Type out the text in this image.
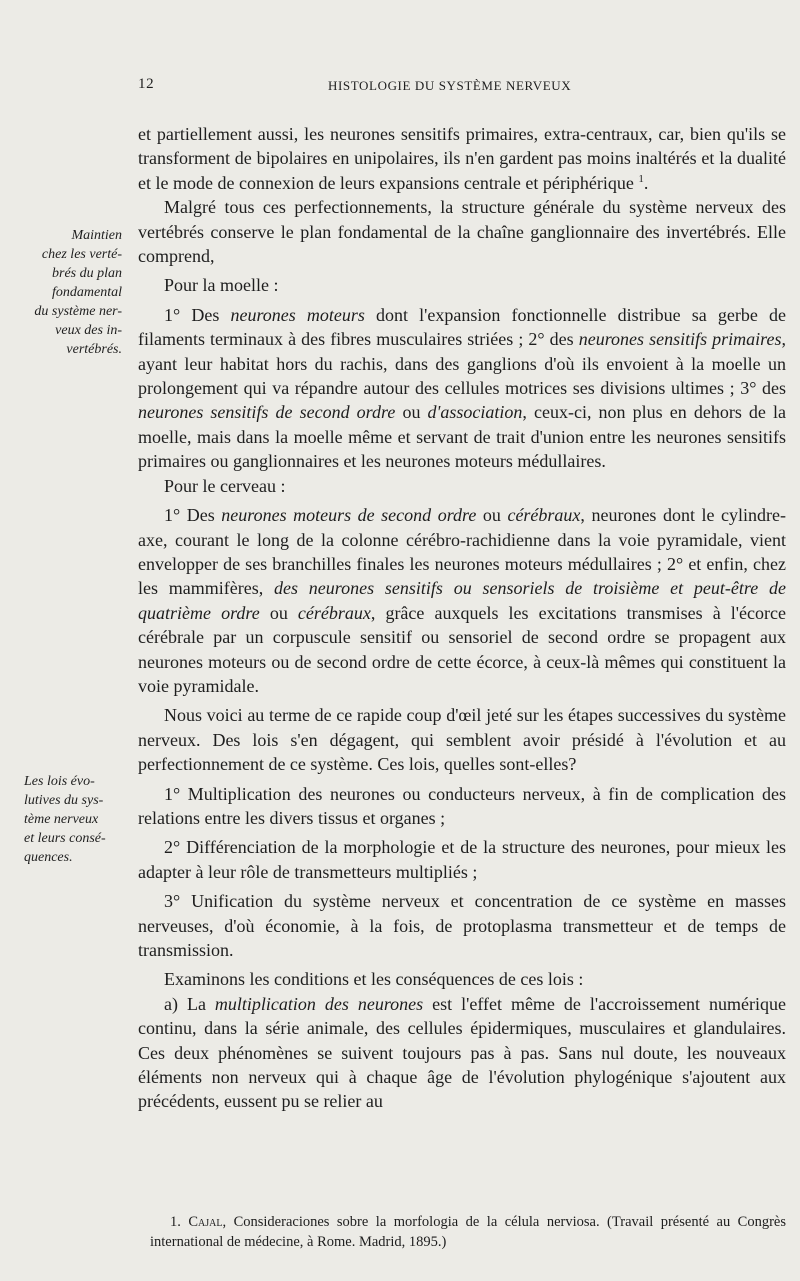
12	HISTOLOGIE DU SYSTÈME NERVEUX
Maintien
chez les verté-
brés du plan
fondamental
du système ner-
veux des in-
vertébrés.
Les lois évo-
lutives du sys-
tème nerveux
et leurs consé-
quences.

et partiellement aussi, les neurones sensitifs primaires, extra-centraux, car, bien qu'ils se transforment de bipolaires en unipolaires, ils n'en gardent pas moins inaltérés et la dualité et le mode de connexion de leurs expansions centrale et périphérique $^1$.

Malgré tous ces perfectionnements, la structure générale du système nerveux des vertébrés conserve le plan fondamental de la chaîne ganglionnaire des invertébrés. Elle comprend,

Pour la moelle :

1° Des neurones moteurs dont l'expansion fonctionnelle distribue sa gerbe de filaments terminaux à des fibres musculaires striées ; 2° des neurones sensitifs primaires, ayant leur habitat hors du rachis, dans des ganglions d'où ils envoient à la moelle un prolongement qui va répandre autour des cellules motrices ses divisions ultimes ; 3° des neurones sensitifs de second ordre ou d'association, ceux-ci, non plus en dehors de la moelle, mais dans la moelle même et servant de trait d'union entre les neurones sensitifs primaires ou ganglionnaires et les neurones moteurs médullaires.

Pour le cerveau :

1° Des neurones moteurs de second ordre ou cérébraux, neurones dont le cylindre-axe, courant le long de la colonne cérébro-rachidienne dans la voie pyramidale, vient envelopper de ses branchilles finales les neurones moteurs médullaires ; 2° et enfin, chez les mammifères, des neurones sensitifs ou sensoriels de troisième et peut-être de quatrième ordre ou cérébraux, grâce auxquels les excitations transmises à l'écorce cérébrale par un corpuscule sensitif ou sensoriel de second ordre se propagent aux neurones moteurs ou de second ordre de cette écorce, à ceux-là mêmes qui constituent la voie pyramidale.

Nous voici au terme de ce rapide coup d'œil jeté sur les étapes successives du système nerveux. Des lois s'en dégagent, qui semblent avoir présidé à l'évolution et au perfectionnement de ce système. Ces lois, quelles sont-elles?

1° Multiplication des neurones ou conducteurs nerveux, à fin de complication des relations entre les divers tissus et organes ;

2° Différenciation de la morphologie et de la structure des neurones, pour mieux les adapter à leur rôle de transmetteurs multipliés ;

3° Unification du système nerveux et concentration de ce système en masses nerveuses, d'où économie, à la fois, de protoplasma transmetteur et de temps de transmission.

Examinons les conditions et les conséquences de ces lois :

a) La multiplication des neurones est l'effet même de l'accroissement numérique continu, dans la série animale, des cellules épidermiques, musculaires et glandulaires. Ces deux phénomènes se suivent toujours pas à pas. Sans nul doute, les nouveaux éléments non nerveux qui à chaque âge de l'évolution phylogénique s'ajoutent aux précédents, eussent pu se relier au

1. Cajal, Consideraciones sobre la morfologia de la célula nerviosa. (Travail présenté au Congrès international de médecine, à Rome. Madrid, 1895.)
